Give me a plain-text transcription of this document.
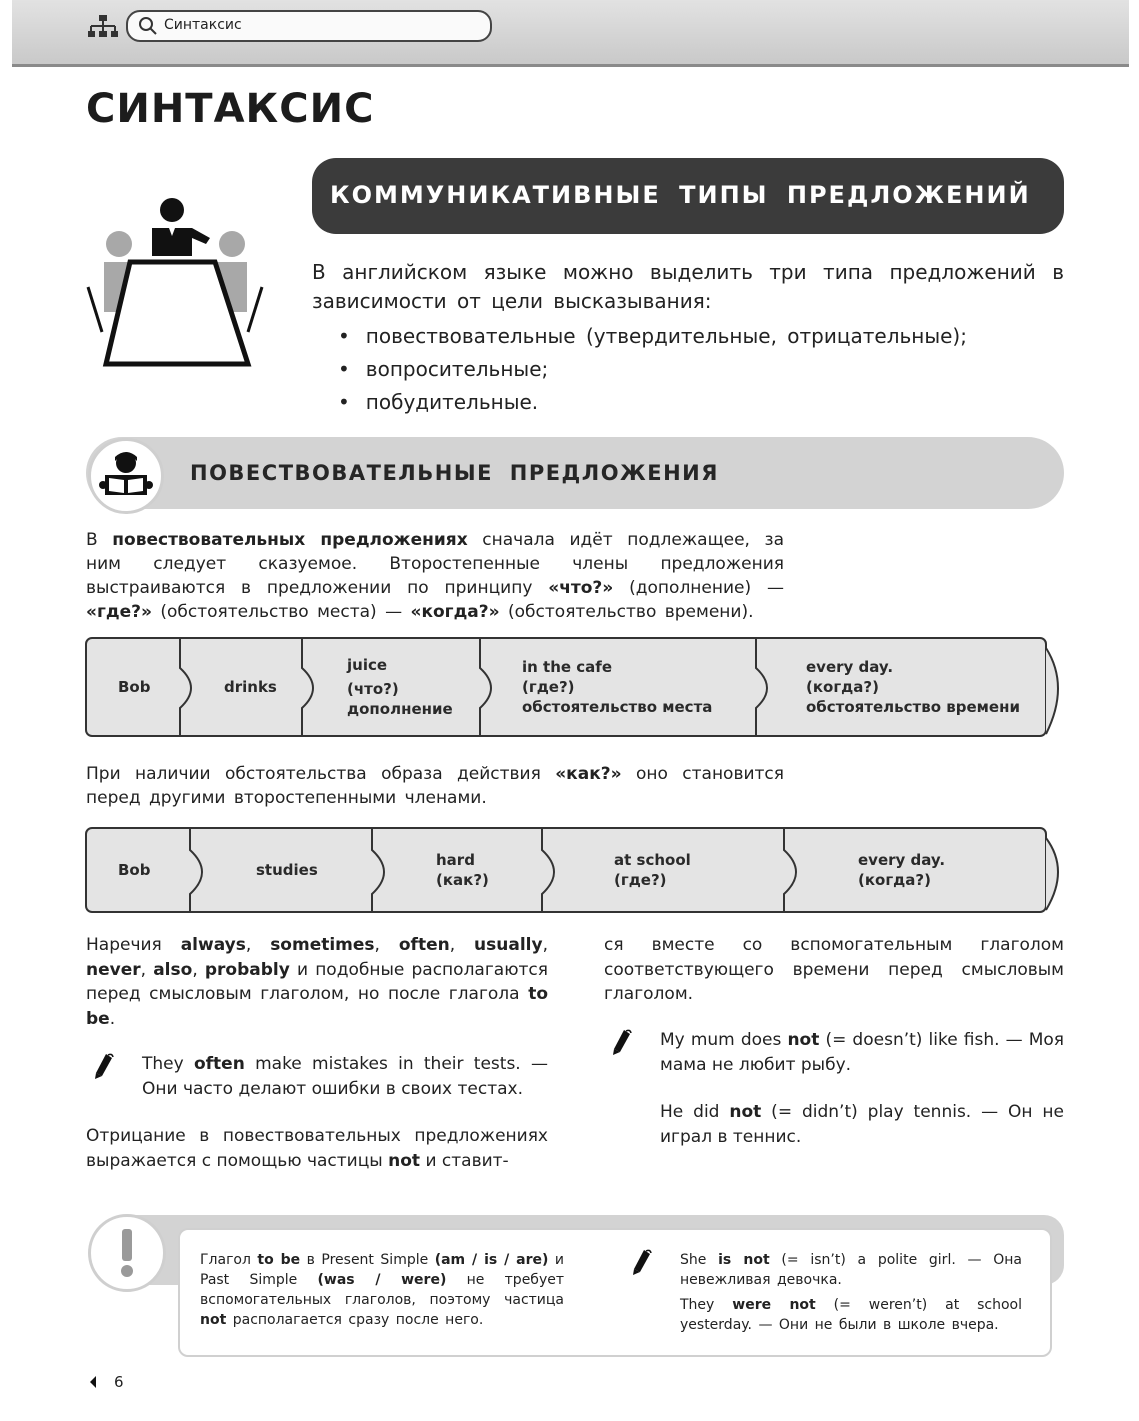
Синтаксис
СИНТАКСИС
КОММУНИКАТИВНЫЕ ТИПЫ ПРЕДЛОЖЕНИЙ
В английском языке можно выделить три типа предложений в зависимости от цели высказывания:
• повествовательные (утвердительные, отрицательные);
• вопросительные;
• побудительные.
ПОВЕСТВОВАТЕЛЬНЫЕ ПРЕДЛОЖЕНИЯ
В повествовательных предложениях сначала идёт подлежащее, за ним следует сказуемое. Второстепенные члены предложения выстраиваются в предложении по принципу «что?» (дополнение) — «где?» (обстоятельство места) — «когда?» (обстоятельство времени).
Bob	drinks
juice
(что?)
дополнение
in the cafe
(где?)
обстоятельство места
every day.
(когда?)
обстоятельство времени
При наличии обстоятельства образа действия «как?» оно становится перед другими второстепенными членами.
Bob	studies
hard
(как?)
at school
(где?)
every day.
(когда?)
Наречия always, sometimes, often, usually, never, also, probably и подобные располагаются перед смысловым глаголом, но после глагола to be.
They often make mistakes in their tests. — Они часто делают ошибки в своих тестах.
Отрицание в повествовательных предложениях выражается с помощью частицы not и ставит-
ся вместе со вспомогательным глаголом соответствующего времени перед смысловым глаголом.
My mum does not (= doesn’t) like fish. — Моя мама не любит рыбу.
He did not (= didn’t) play tennis. — Он не играл в теннис.
Глагол to be в Present Simple (am / is / are) и Past Simple (was / were) не требует вспомогательных глаголов, поэтому частица not располагается сразу после него.
She is not (= isn’t) a polite girl. — Она невежливая девочка.
They were not (= weren’t) at school yesterday. — Они не были в школе вчера.
6
